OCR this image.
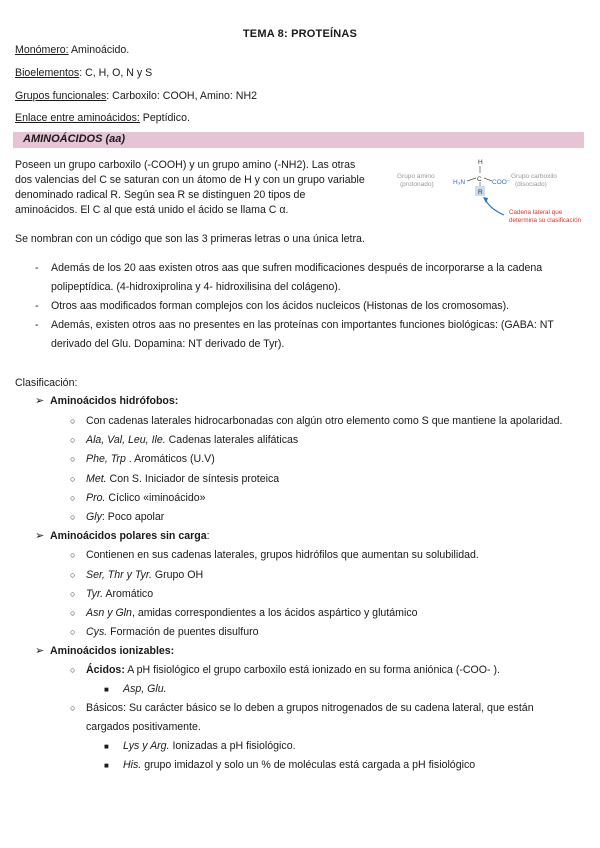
TEMA 8: PROTEÍNAS
Monómero: Aminoácido.
Bioelementos: C, H, O, N y S
Grupos funcionales: Carboxilo: COOH, Amino: NH2
Enlace entre aminoácidos: Peptídico.
AMINOÁCIDOS (aa)
Poseen un grupo carboxilo (-COOH) y un grupo amino (-NH2). Las otras
dos valencias del C se saturan con un átomo de H y con un grupo variable
denominado radical R. Según sea R se distinguen 20 tipos de
aminoácidos. El C al que está unido el ácido se llama C α.
Grupo amino
(protonado)
Grupo carboxilo
(disociado)
H
H₃N C COO⁻
R
Cadena lateral que
determina su clasificación
Se nombran con un código que son las 3 primeras letras o una única letra.
- Además de los 20 aas existen otros aas que sufren modificaciones después de incorporarse a la cadena
polipeptídica. (4-hidroxiprolina y 4- hidroxilisina del colágeno).
- Otros aas modificados forman complejos con los ácidos nucleicos (Histonas de los cromosomas).
- Además, existen otros aas no presentes en las proteínas con importantes funciones biológicas: (GABA: NT
derivado del Glu. Dopamina: NT derivado de Tyr).
Clasificación:
➢ Aminoácidos hidrófobos:
○ Con cadenas laterales hidrocarbonadas con algún otro elemento como S que mantiene la apolaridad.
○ Ala, Val, Leu, Ile. Cadenas laterales alifáticas
○ Phe, Trp . Aromáticos (U.V)
○ Met. Con S. Iniciador de síntesis proteica
○ Pro. Cíclico «iminoácido»
○ Gly: Poco apolar
➢ Aminoácidos polares sin carga:
○ Contienen en sus cadenas laterales, grupos hidrófilos que aumentan su solubilidad.
○ Ser, Thr y Tyr. Grupo OH
○ Tyr. Aromático
○ Asn y Gln, amidas correspondientes a los ácidos aspártico y glutámico
○ Cys. Formación de puentes disulfuro
➢ Aminoácidos ionizables:
○ Ácidos: A pH fisiológico el grupo carboxilo está ionizado en su forma aniónica (-COO- ).
■ Asp, Glu.
○ Básicos: Su carácter básico se lo deben a grupos nitrogenados de su cadena lateral, que están
cargados positivamente.
■ Lys y Arg. Ionizadas a pH fisiológico.
■ His. grupo imidazol y solo un % de moléculas está cargada a pH fisiológico
